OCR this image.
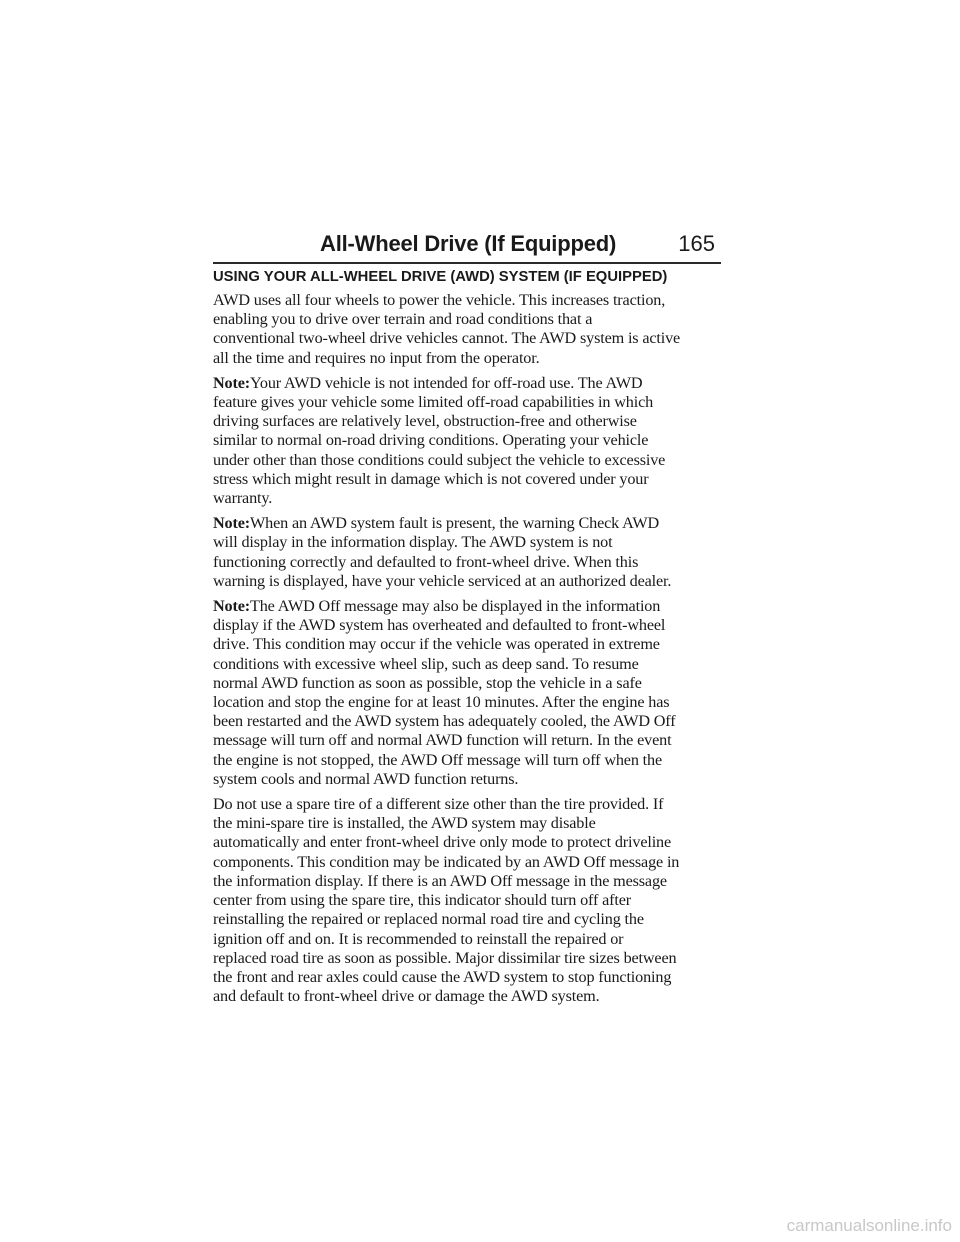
All-Wheel Drive (If Equipped)	165
USING YOUR ALL-WHEEL DRIVE (AWD) SYSTEM (IF EQUIPPED)

AWD uses all four wheels to power the vehicle. This increases traction,
enabling you to drive over terrain and road conditions that a
conventional two-wheel drive vehicles cannot. The AWD system is active
all the time and requires no input from the operator.

Note:Your AWD vehicle is not intended for off-road use. The AWD
feature gives your vehicle some limited off-road capabilities in which
driving surfaces are relatively level, obstruction-free and otherwise
similar to normal on-road driving conditions. Operating your vehicle
under other than those conditions could subject the vehicle to excessive
stress which might result in damage which is not covered under your
warranty.

Note:When an AWD system fault is present, the warning Check AWD
will display in the information display. The AWD system is not
functioning correctly and defaulted to front-wheel drive. When this
warning is displayed, have your vehicle serviced at an authorized dealer.

Note:The AWD Off message may also be displayed in the information
display if the AWD system has overheated and defaulted to front-wheel
drive. This condition may occur if the vehicle was operated in extreme
conditions with excessive wheel slip, such as deep sand. To resume
normal AWD function as soon as possible, stop the vehicle in a safe
location and stop the engine for at least 10 minutes. After the engine has
been restarted and the AWD system has adequately cooled, the AWD Off
message will turn off and normal AWD function will return. In the event
the engine is not stopped, the AWD Off message will turn off when the
system cools and normal AWD function returns.

Do not use a spare tire of a different size other than the tire provided. If
the mini-spare tire is installed, the AWD system may disable
automatically and enter front-wheel drive only mode to protect driveline
components. This condition may be indicated by an AWD Off message in
the information display. If there is an AWD Off message in the message
center from using the spare tire, this indicator should turn off after
reinstalling the repaired or replaced normal road tire and cycling the
ignition off and on. It is recommended to reinstall the repaired or
replaced road tire as soon as possible. Major dissimilar tire sizes between
the front and rear axles could cause the AWD system to stop functioning
and default to front-wheel drive or damage the AWD system.

carmanualsonline.info
